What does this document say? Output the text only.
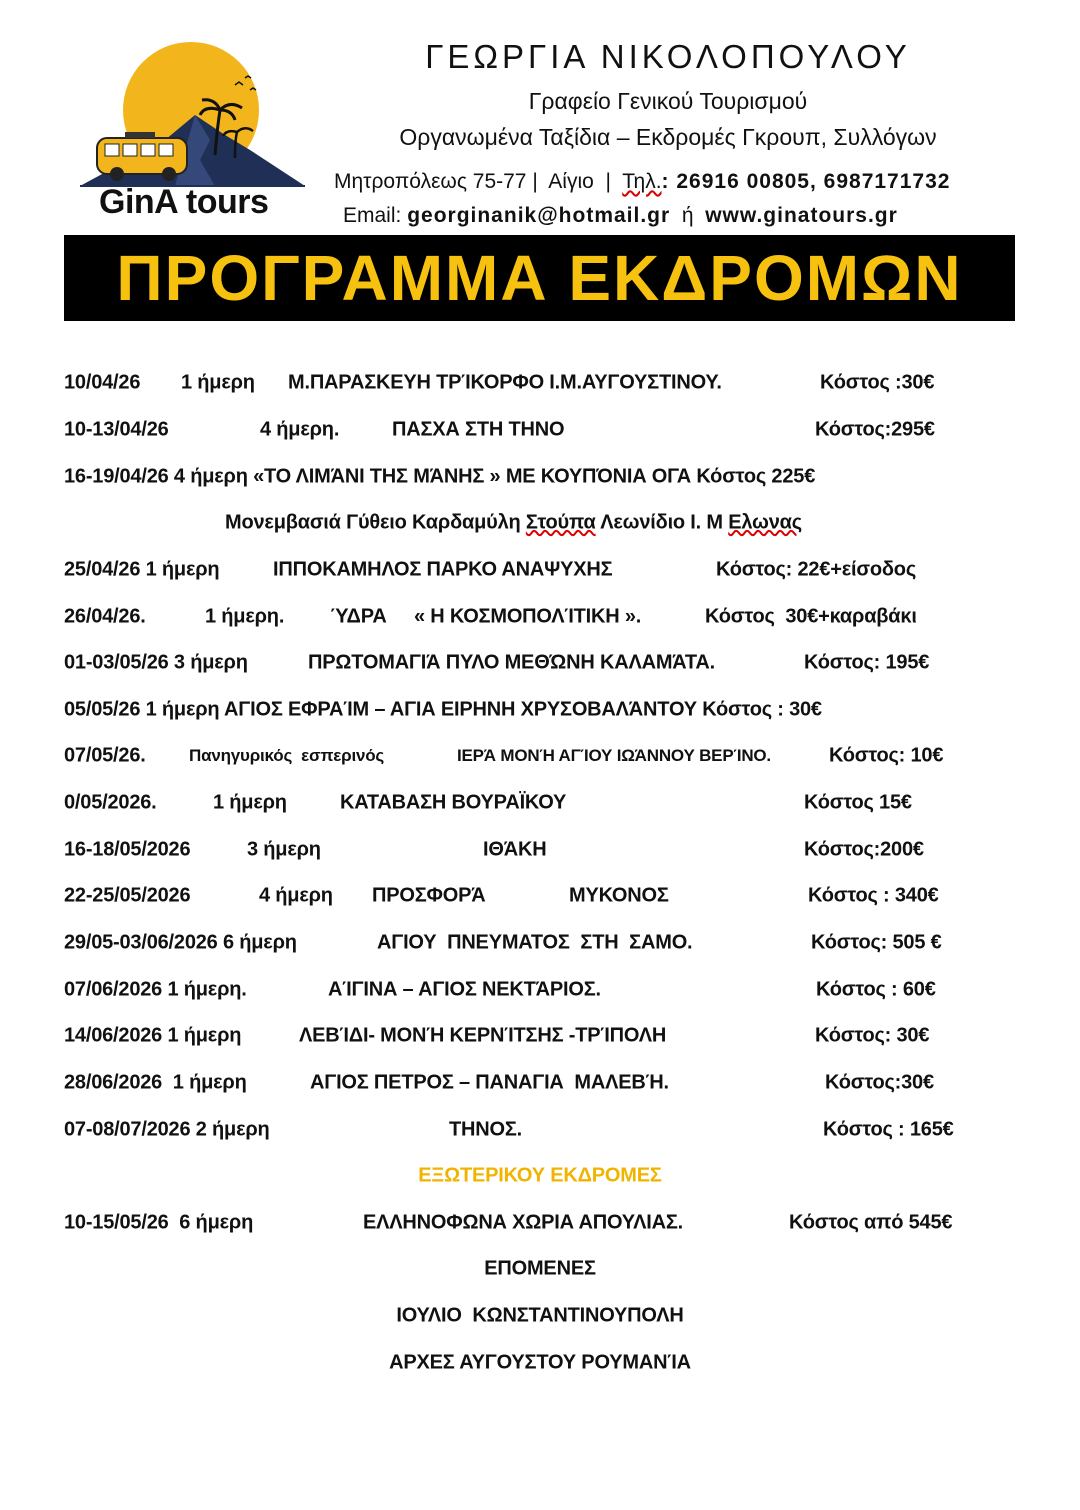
GinA tours
ΓΕΩΡΓΙΑ ΝΙΚΟΛΟΠΟΥΛΟΥ
Γραφείο Γενικού Τουρισμού
Οργανωμένα Ταξίδια – Εκδρομές Γκρουπ, Συλλόγων
Μητροπόλεως 75-77 |  Αίγιο  |  Τηλ.: 26916 00805, 6987171732
Email: georginanik@hotmail.gr  ή  www.ginatours.gr
ΠΡΟΓΡΑΜΜΑ ΕΚΔΡΟΜΩΝ
10/04/26 1 ήμερη Μ.ΠΑΡΑΣΚΕΥΗ ΤΡΊΚΟΡΦΟ Ι.Μ.ΑΥΓΟΥΣΤΙΝΟΥ.	Κόστος :30€
10-13/04/26	4 ήμερη.	ΠΑΣΧΑ ΣΤΗ ΤΗΝΟ	Κόστος:295€
16-19/04/26 4 ήμερη «ΤΟ ΛΙΜΆΝΙ ΤΗΣ ΜΆΝΗΣ » ΜΕ ΚΟΥΠΌΝΙΑ ΟΓΑ Κόστος 225€
Μονεμβασιά Γύθειο Καρδαμύλη Στούπα Λεωνίδιο Ι. Μ Ελωνας
25/04/26 1 ήμερη	ΙΠΠΟΚΑΜΗΛΟΣ ΠΑΡΚΟ ΑΝΑΨΥΧΗΣ	Κόστος: 22€+είσοδος
26/04/26.	1 ήμερη. ΎΔΡΑ « Η ΚΟΣΜΟΠΟΛΊΤΙΚΗ ».	Κόστος  30€+καραβάκι
01-03/05/26 3 ήμερη	ΠΡΩΤΟΜΑΓΙΆ ΠΥΛΟ ΜΕΘΏΝΗ ΚΑΛΑΜΆΤΑ.	Κόστος: 195€
05/05/26 1 ήμερη ΑΓΙΟΣ ΕΦΡΑΊΜ – ΑΓΙΑ ΕΙΡΗΝΗ ΧΡΥΣΟΒΑΛΆΝΤΟΥ Κόστος : 30€
07/05/26.	Πανηγυρικός  εσπερινός	ΙΕΡΆ ΜΟΝΉ ΑΓΊΟΥ ΙΩΆΝΝΟΥ ΒΕΡΊΝΟ.	Κόστος: 10€
0/05/2026.	1 ήμερη	ΚΑΤΑΒΑΣΗ ΒΟΥΡΑΪΚΟΥ	Κόστος 15€
16-18/05/2026	3 ήμερη	ΙΘΆΚΗ	Κόστος:200€
22-25/05/2026	4 ήμερη ΠΡΟΣΦΟΡΆ	ΜΥΚΟΝΟΣ	Κόστος : 340€
29/05-03/06/2026 6 ήμερη	ΑΓΙΟΥ  ΠΝΕΥΜΑΤΟΣ  ΣΤΗ  ΣΑΜΟ.	Κόστος: 505 €
07/06/2026 1 ήμερη.	ΑΊΓΙΝΑ – ΑΓΙΟΣ ΝΕΚΤΆΡΙΟΣ.	Κόστος : 60€
14/06/2026 1 ήμερη	ΛΕΒΊΔΙ- ΜΟΝΉ ΚΕΡΝΊΤΣΗΣ -ΤΡΊΠΟΛΗ	Κόστος: 30€
28/06/2026  1 ήμερη	ΑΓΙΟΣ ΠΕΤΡΟΣ – ΠΑΝΑΓΙΑ  ΜΑΛΕΒΉ.	Κόστος:30€
07-08/07/2026 2 ήμερη	ΤΗΝΟΣ.	Κόστος : 165€
ΕΞΩΤΕΡΙΚΟΥ ΕΚΔΡΟΜΕΣ
10-15/05/26  6 ήμερη	ΕΛΛΗΝΟΦΩΝΑ ΧΩΡΙΑ ΑΠΟΥΛΙΑΣ.	Κόστος από 545€
ΕΠΟΜΕΝΕΣ
ΙΟΥΛΙΟ  ΚΩΝΣΤΑΝΤΙΝΟΥΠΟΛΗ
ΑΡΧΕΣ ΑΥΓΟΥΣΤΟΥ ΡΟΥΜΑΝΊΑ
